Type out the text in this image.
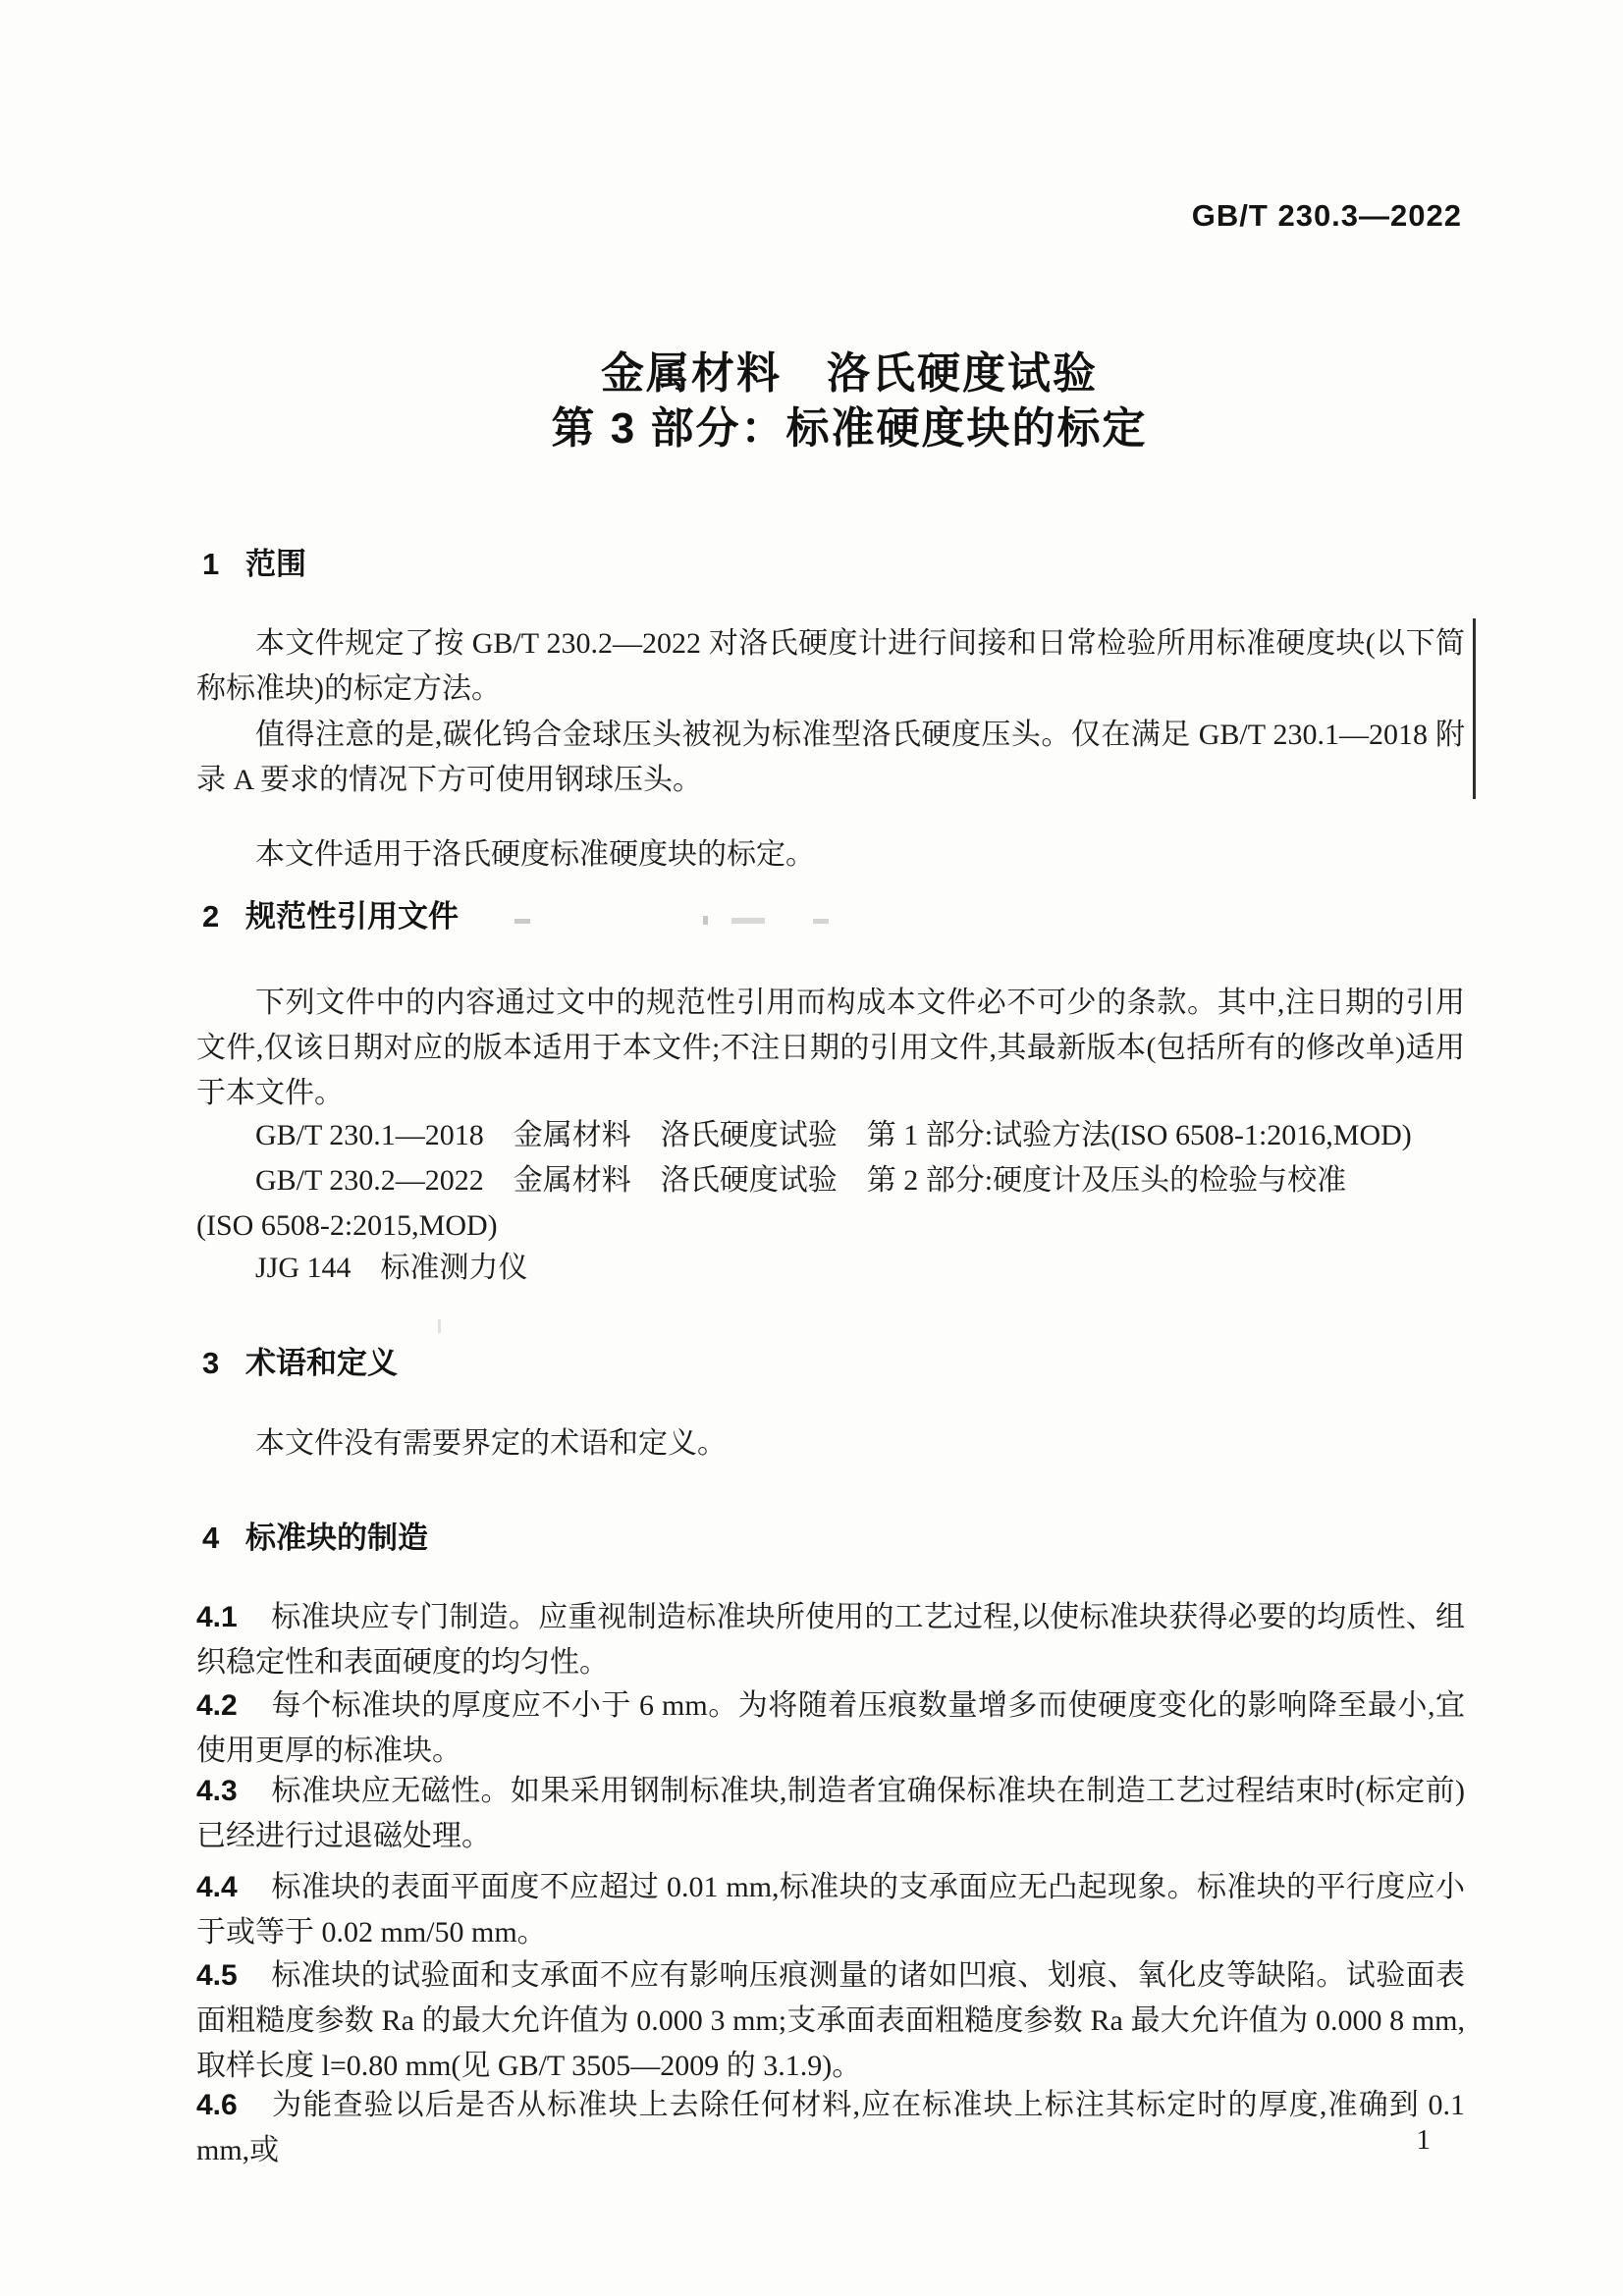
GB/T 230.3—2022
金属材料　洛氏硬度试验
第 3 部分：标准硬度块的标定
1 范围
本文件规定了按 GB/T 230.2—2022 对洛氏硬度计进行间接和日常检验所用标准硬度块(以下简称标准块)的标定方法。
值得注意的是,碳化钨合金球压头被视为标准型洛氏硬度压头。仅在满足 GB/T 230.1—2018 附录 A 要求的情况下方可使用钢球压头。
本文件适用于洛氏硬度标准硬度块的标定。
2 规范性引用文件
下列文件中的内容通过文中的规范性引用而构成本文件必不可少的条款。其中,注日期的引用文件,仅该日期对应的版本适用于本文件;不注日期的引用文件,其最新版本(包括所有的修改单)适用于本文件。
GB/T 230.1—2018　金属材料　洛氏硬度试验　第 1 部分:试验方法(ISO 6508-1:2016,MOD)
GB/T 230.2—2022　金属材料　洛氏硬度试验　第 2 部分:硬度计及压头的检验与校准
(ISO 6508-2:2015,MOD)
JJG 144　标准测力仪
3 术语和定义
本文件没有需要界定的术语和定义。
4 标准块的制造
4.1 标准块应专门制造。应重视制造标准块所使用的工艺过程,以使标准块获得必要的均质性、组织稳定性和表面硬度的均匀性。
4.2 每个标准块的厚度应不小于 6 mm。为将随着压痕数量增多而使硬度变化的影响降至最小,宜使用更厚的标准块。
4.3 标准块应无磁性。如果采用钢制标准块,制造者宜确保标准块在制造工艺过程结束时(标定前)已经进行过退磁处理。
4.4 标准块的表面平面度不应超过 0.01 mm,标准块的支承面应无凸起现象。标准块的平行度应小于或等于 0.02 mm/50 mm。
4.5 标准块的试验面和支承面不应有影响压痕测量的诸如凹痕、划痕、氧化皮等缺陷。试验面表面粗糙度参数 Ra 的最大允许值为 0.000 3 mm;支承面表面粗糙度参数 Ra 最大允许值为 0.000 8 mm,取样长度 l=0.80 mm(见 GB/T 3505—2009 的 3.1.9)。
4.6 为能查验以后是否从标准块上去除任何材料,应在标准块上标注其标定时的厚度,准确到 0.1 mm,或	1
